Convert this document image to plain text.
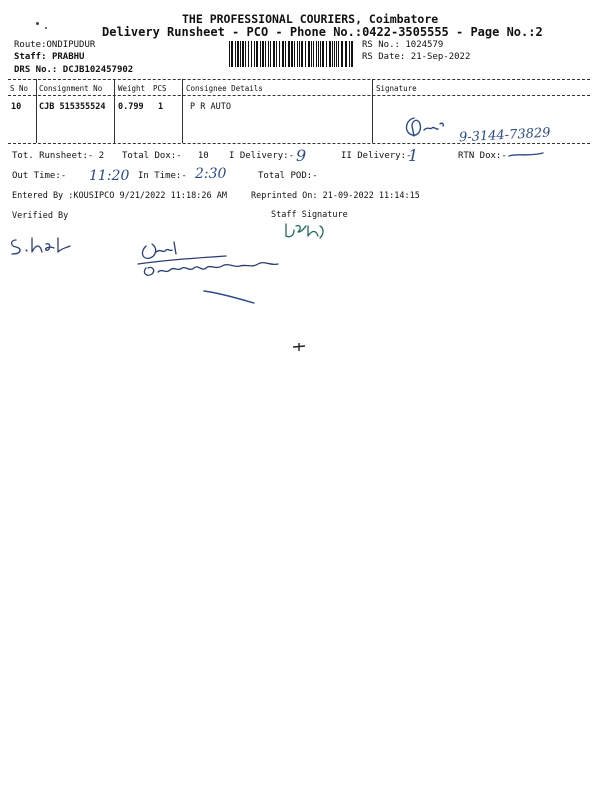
THE PROFESSIONAL COURIERS, Coimbatore
Delivery Runsheet - PCO - Phone No.:0422-3505555 - Page No.:2
Route:ONDIPUDUR
Staff: PRABHU
DRS No.: DCJB102457902
RS No.: 1024579
RS Date: 21-Sep-2022
S No Consignment No Weight PCS	Consignee Details	Signature
10 CJB 515355524 0.799 1	P R AUTO
9-3144-73829
Tot. Runsheet:- 2 Total Dox:- 10 I Delivery:-	II Delivery:-	RTN Dox:-
9	1
Out Time:- 11:20 In Time:- 2:30	Total POD:-
Entered By :KOUSIPCO 9/21/2022 11:18:26 AM	Reprinted On: 21-09-2022 11:14:15
Verified By	Staff Signature
